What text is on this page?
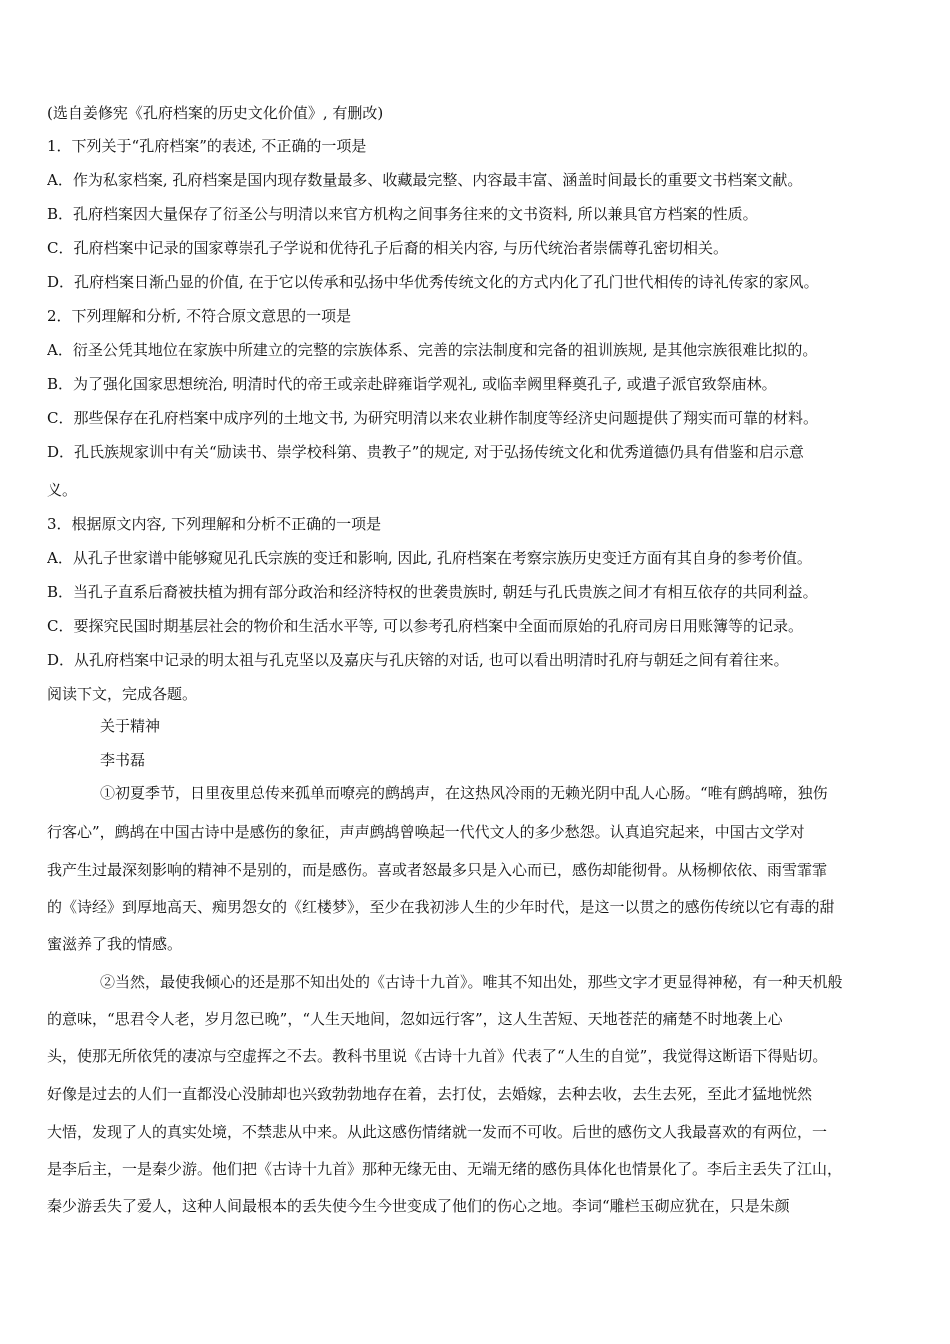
(选自姜修宪《孔府档案的历史文化价值》, 有删改)
1．下列关于“孔府档案”的表述, 不正确的一项是
A．作为私家档案, 孔府档案是国内现存数量最多、收藏最完整、内容最丰富、涵盖时间最长的重要文书档案文献。
B．孔府档案因大量保存了衍圣公与明清以来官方机构之间事务往来的文书资料, 所以兼具官方档案的性质。
C．孔府档案中记录的国家尊崇孔子学说和优待孔子后裔的相关内容, 与历代统治者崇儒尊孔密切相关。
D．孔府档案日渐凸显的价值, 在于它以传承和弘扬中华优秀传统文化的方式内化了孔门世代相传的诗礼传家的家风。
2．下列理解和分析, 不符合原文意思的一项是
A．衍圣公凭其地位在家族中所建立的完整的宗族体系、完善的宗法制度和完备的祖训族规, 是其他宗族很难比拟的。
B．为了强化国家思想统治, 明清时代的帝王或亲赴辟雍诣学观礼, 或临幸阙里释奠孔子, 或遣子派官致祭庙林。
C．那些保存在孔府档案中成序列的土地文书, 为研究明清以来农业耕作制度等经济史问题提供了翔实而可靠的材料。
D．孔氏族规家训中有关“励读书、崇学校科第、贵教子”的规定, 对于弘扬传统文化和优秀道德仍具有借鉴和启示意
义。
3．根据原文内容, 下列理解和分析不正确的一项是
A．从孔子世家谱中能够窥见孔氏宗族的变迁和影响, 因此, 孔府档案在考察宗族历史变迁方面有其自身的参考价值。
B．当孔子直系后裔被扶植为拥有部分政治和经济特权的世袭贵族时, 朝廷与孔氏贵族之间才有相互依存的共同利益。
C．要探究民国时期基层社会的物价和生活水平等, 可以参考孔府档案中全面而原始的孔府司房日用账簿等的记录。
D．从孔府档案中记录的明太祖与孔克坚以及嘉庆与孔庆镕的对话, 也可以看出明清时孔府与朝廷之间有着往来。
阅读下文，完成各题。
关于精神
李书磊
①初夏季节，日里夜里总传来孤单而嘹亮的鹧鸪声，在这热风冷雨的无赖光阴中乱人心肠。“唯有鹧鸪啼，独伤
行客心”，鹧鸪在中国古诗中是感伤的象征，声声鹧鸪曾唤起一代代文人的多少愁怨。认真追究起来，中国古文学对
我产生过最深刻影响的精神不是别的，而是感伤。喜或者怒最多只是入心而已，感伤却能彻骨。从杨柳依依、雨雪霏霏
的《诗经》到厚地高天、痴男怨女的《红楼梦》，至少在我初涉人生的少年时代，是这一以贯之的感伤传统以它有毒的甜
蜜滋养了我的情感。
②当然，最使我倾心的还是那不知出处的《古诗十九首》。唯其不知出处，那些文字才更显得神秘，有一种天机般
的意味，“思君令人老，岁月忽已晚”，“人生天地间，忽如远行客”，这人生苦短、天地苍茫的痛楚不时地袭上心
头，使那无所依凭的凄凉与空虚挥之不去。教科书里说《古诗十九首》代表了“人生的自觉”，我觉得这断语下得贴切。
好像是过去的人们一直都没心没肺却也兴致勃勃地存在着，去打仗，去婚嫁，去种去收，去生去死，至此才猛地恍然
大悟，发现了人的真实处境，不禁悲从中来。从此这感伤情绪就一发而不可收。后世的感伤文人我最喜欢的有两位，一
是李后主，一是秦少游。他们把《古诗十九首》那种无缘无由、无端无绪的感伤具体化也情景化了。李后主丢失了江山，
秦少游丢失了爱人，这种人间最根本的丢失使今生今世变成了他们的伤心之地。李词“雕栏玉砌应犹在，只是朱颜
